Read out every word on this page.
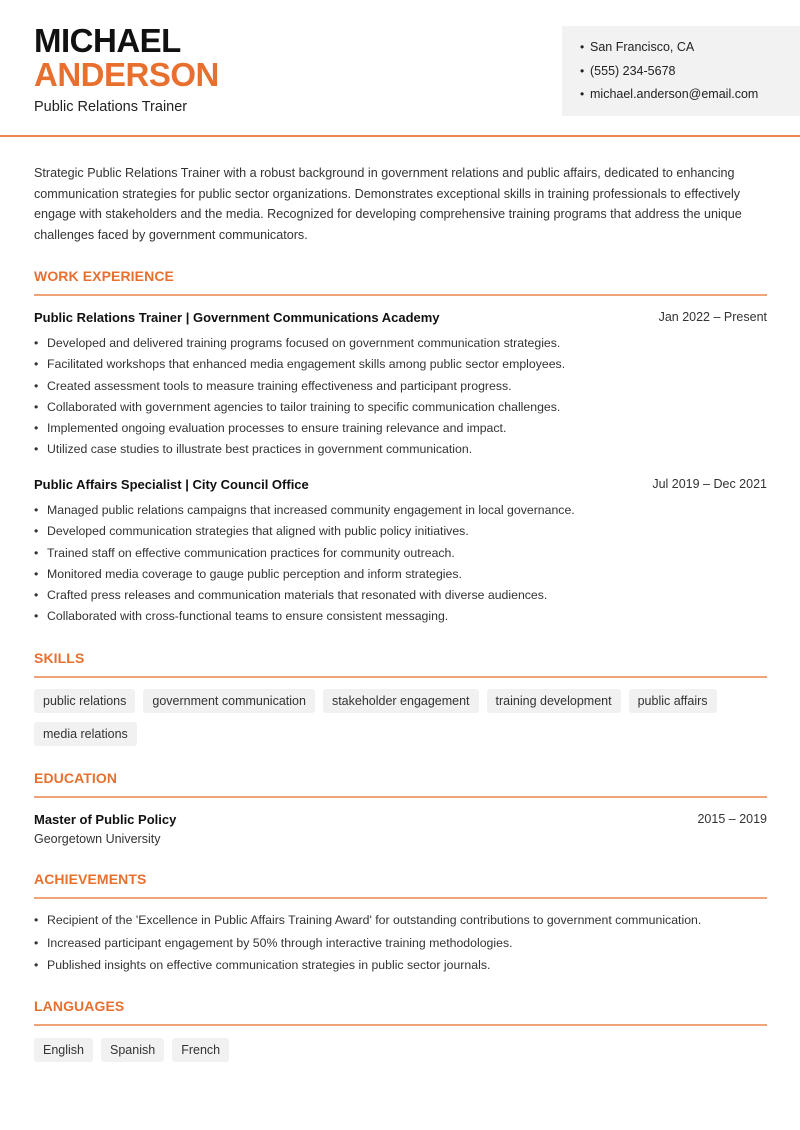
MICHAEL
ANDERSON
Public Relations Trainer
• San Francisco, CA
• (555) 234-5678
• michael.anderson@email.com
Strategic Public Relations Trainer with a robust background in government relations and public affairs, dedicated to enhancing communication strategies for public sector organizations. Demonstrates exceptional skills in training professionals to effectively engage with stakeholders and the media. Recognized for developing comprehensive training programs that address the unique challenges faced by government communicators.
WORK EXPERIENCE
Public Relations Trainer | Government Communications Academy	Jan 2022 – Present
• Developed and delivered training programs focused on government communication strategies.
• Facilitated workshops that enhanced media engagement skills among public sector employees.
• Created assessment tools to measure training effectiveness and participant progress.
• Collaborated with government agencies to tailor training to specific communication challenges.
• Implemented ongoing evaluation processes to ensure training relevance and impact.
• Utilized case studies to illustrate best practices in government communication.
Public Affairs Specialist | City Council Office	Jul 2019 – Dec 2021
• Managed public relations campaigns that increased community engagement in local governance.
• Developed communication strategies that aligned with public policy initiatives.
• Trained staff on effective communication practices for community outreach.
• Monitored media coverage to gauge public perception and inform strategies.
• Crafted press releases and communication materials that resonated with diverse audiences.
• Collaborated with cross-functional teams to ensure consistent messaging.
SKILLS
public relations	government communication	stakeholder engagement	training development	public affairs
media relations
EDUCATION
Master of Public Policy	2015 – 2019
Georgetown University
ACHIEVEMENTS
• Recipient of the 'Excellence in Public Affairs Training Award' for outstanding contributions to government communication.
• Increased participant engagement by 50% through interactive training methodologies.
• Published insights on effective communication strategies in public sector journals.
LANGUAGES
English	Spanish	French
